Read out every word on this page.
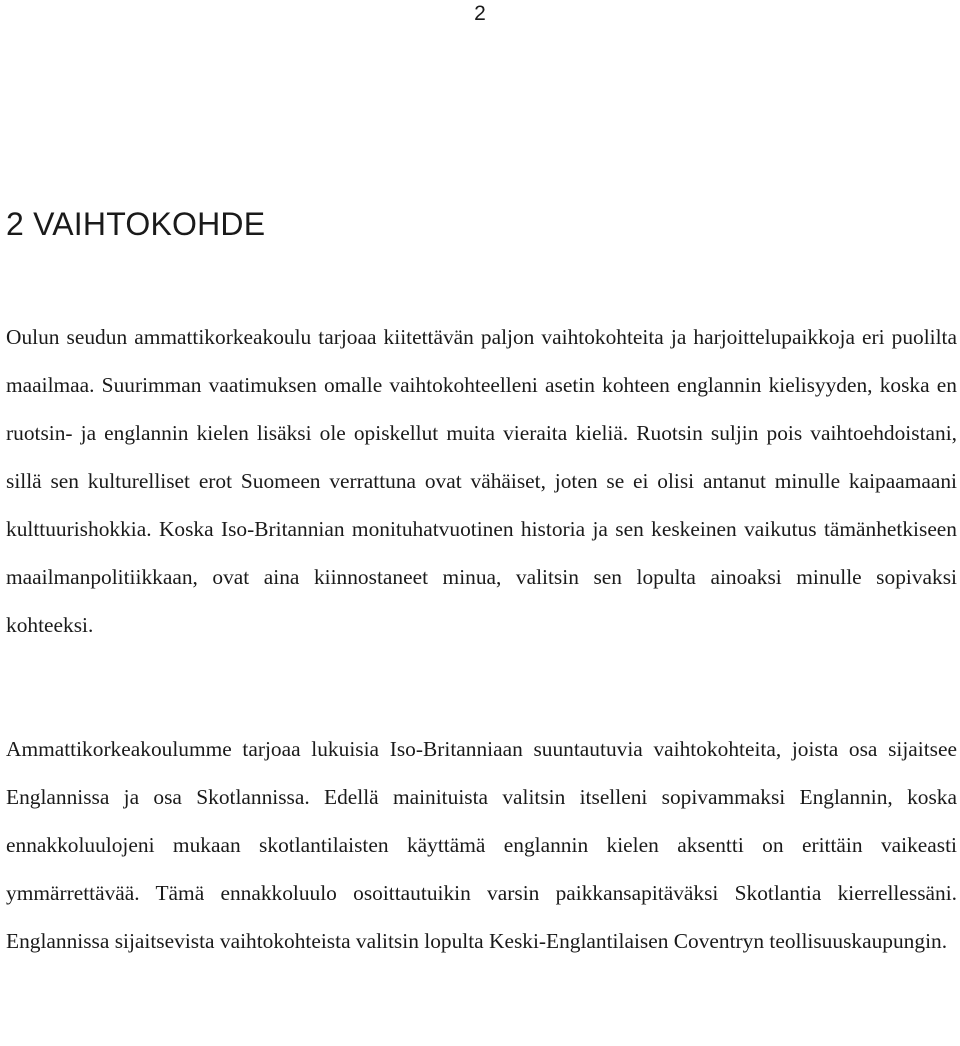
2
2 VAIHTOKOHDE

Oulun seudun ammattikorkeakoulu tarjoaa kiitettävän paljon vaihtokohteita ja harjoittelupaikkoja eri puolilta maailmaa. Suurimman vaatimuksen omalle vaihtokohteelleni asetin kohteen englannin kielisyyden, koska en ruotsin- ja englannin kielen lisäksi ole opiskellut muita vieraita kieliä. Ruotsin suljin pois vaihtoehdoistani, sillä sen kulturelliset erot Suomeen verrattuna ovat vähäiset, joten se ei olisi antanut minulle kaipaamaani kulttuurishokkia. Koska Iso-Britannian monituhatvuotinen historia ja sen keskeinen vaikutus tämänhetkiseen maailmanpolitiikkaan, ovat aina kiinnostaneet minua, valitsin sen lopulta ainoaksi minulle sopivaksi kohteeksi.

Ammattikorkeakoulumme tarjoaa lukuisia Iso-Britanniaan suuntautuvia vaihtokohteita, joista osa sijaitsee Englannissa ja osa Skotlannissa. Edellä mainituista valitsin itselleni sopivammaksi Englannin, koska ennakkoluulojeni mukaan skotlantilaisten käyttämä englannin kielen aksentti on erittäin vaikeasti ymmärrettävää. Tämä ennakkoluulo osoittautuikin varsin paikkansapitäväksi Skotlantia kierrellessäni. Englannissa sijaitsevista vaihtokohteista valitsin lopulta Keski-Englantilaisen Coventryn teollisuuskaupungin.
